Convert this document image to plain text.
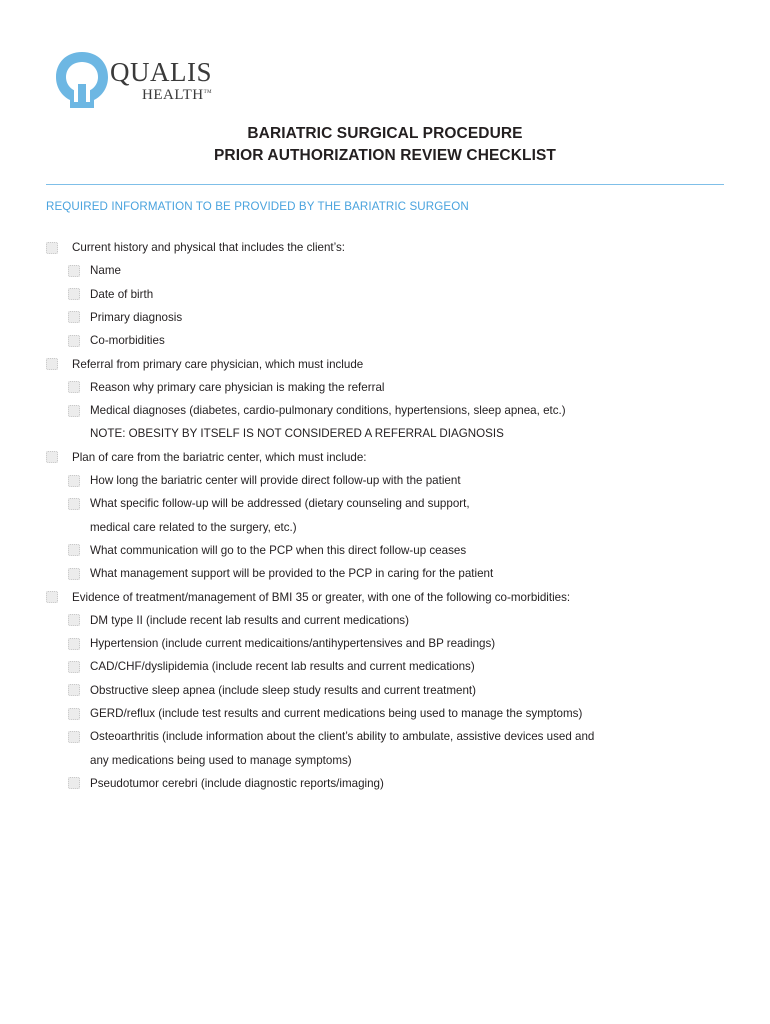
QUALIS
HEALTH™
BARIATRIC SURGICAL PROCEDURE
PRIOR AUTHORIZATION REVIEW CHECKLIST
REQUIRED INFORMATION TO BE PROVIDED BY THE BARIATRIC SURGEON
Current history and physical that includes the client’s:
Name
Date of birth
Primary diagnosis
Co-morbidities
Referral from primary care physician, which must include
Reason why primary care physician is making the referral
Medical diagnoses (diabetes, cardio-pulmonary conditions, hypertensions, sleep apnea, etc.)
NOTE: OBESITY BY ITSELF IS NOT CONSIDERED A REFERRAL DIAGNOSIS
Plan of care from the bariatric center, which must include:
How long the bariatric center will provide direct follow-up with the patient
What specific follow-up will be addressed (dietary counseling and support,
medical care related to the surgery, etc.)
What communication will go to the PCP when this direct follow-up ceases
What management support will be provided to the PCP in caring for the patient
Evidence of treatment/management of BMI 35 or greater, with one of the following co-morbidities:
DM type II (include recent lab results and current medications)
Hypertension (include current medicaitions/antihypertensives and BP readings)
CAD/CHF/dyslipidemia (include recent lab results and current medications)
Obstructive sleep apnea (include sleep study results and current treatment)
GERD/reflux (include test results and current medications being used to manage the symptoms)
Osteoarthritis (include information about the client’s ability to ambulate, assistive devices used and
any medications being used to manage symptoms)
Pseudotumor cerebri (include diagnostic reports/imaging)
